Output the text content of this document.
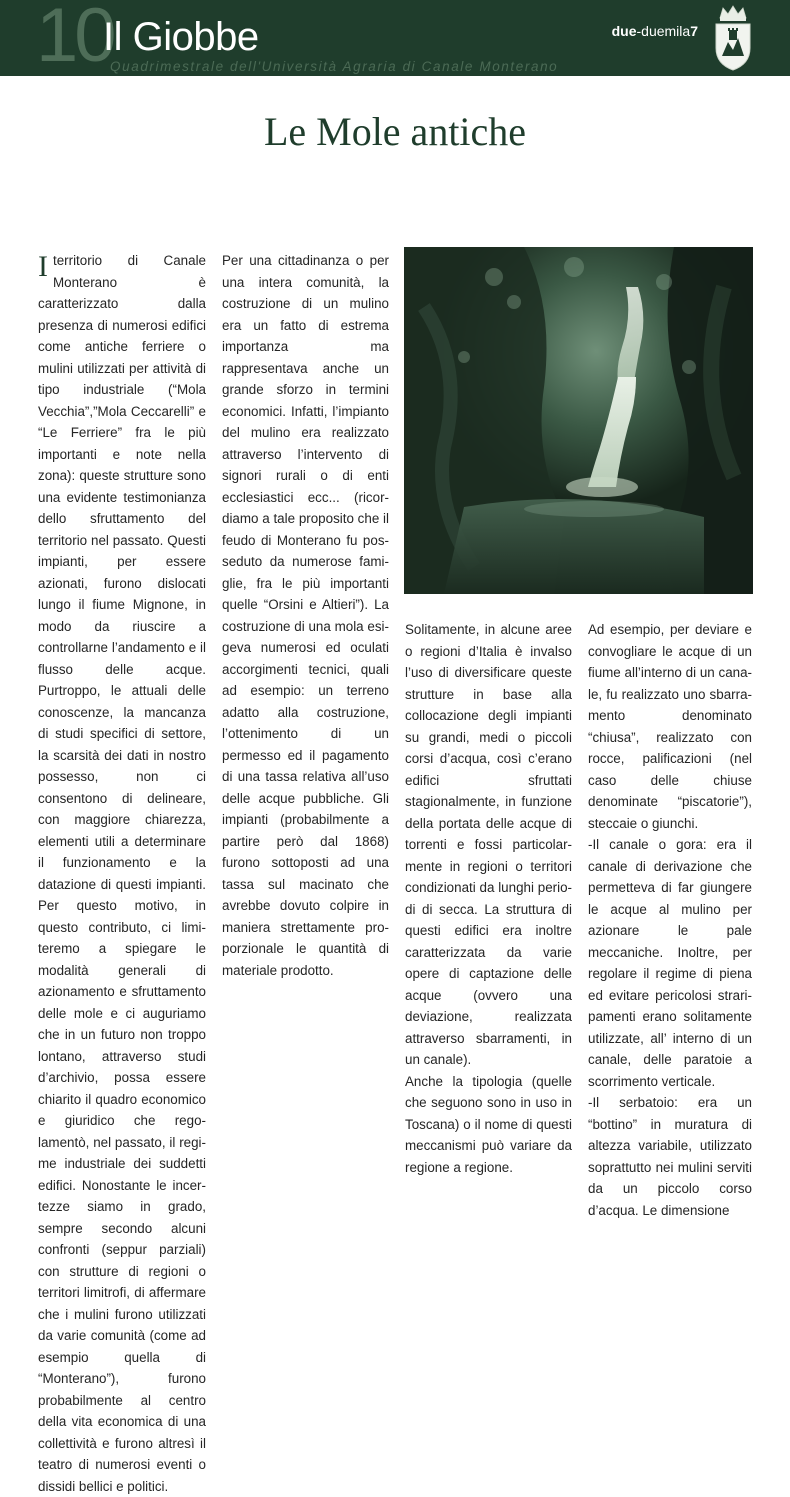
10
Il Giobbe
Quadrimestrale dell'Università Agraria di Canale Monterano
due-duemila7
Le Mole antiche

I territorio di Canale Monterano è caratterizzato dalla presenza di numerosi edifici come antiche ferriere o mulini utilizzati per attività di tipo industriale (“Mola Vecchia”,”Mola Ceccarelli” e “Le Ferriere” fra le più importanti e note nella zona): queste strutture sono una evidente testimonianza dello sfruttamento del territorio nel passato. Questi impianti, per essere azionati, furono dislocati lungo il fiume Mignone, in modo da riuscire a controllarne l’andamento e il flusso delle acque. Purtroppo, le attuali delle conoscenze, la mancanza di studi specifici di settore, la scarsità dei dati in nostro possesso, non ci consentono di delineare, con maggiore chiarezza, elementi utili a determinare il funzionamento e la datazione di questi impianti. Per questo motivo, in questo contributo, ci limiteremo a spiegare le modalità generali di azionamento e sfruttamento delle mole e ci auguriamo che in un futuro non troppo lontano, attraverso studi d’archivio, possa essere chiarito il quadro economico e giuridico che regolamentò, nel passato, il regime industriale dei suddetti edifici. Nonostante le incertezze siamo in grado, sempre secondo alcuni confronti (seppur parziali) con strutture di regioni o territori limitrofi, di affermare che i mulini furono utilizzati da varie comunità (come ad esempio quella di “Monterano”), furono probabilmente al centro della vita economica di una collettività e furono altresì il teatro di numerosi eventi o dissidi bellici e politici.

Per una cittadinanza o per una intera comunità, la costruzione di un mulino era un fatto di estrema importanza ma rappresentava anche un grande sforzo in termini economici. Infatti, l’impianto del mulino era realizzato attraverso l’intervento di signori rurali o di enti ecclesiastici ecc... (ricordiamo a tale proposito che il feudo di Monterano fu posseduto da numerose famiglie, fra le più importanti quelle “Orsini e Altieri”). La costruzione di una mola esigeva numerosi ed oculati accorgimenti tecnici, quali ad esempio: un terreno adatto alla costruzione, l’ottenimento di un permesso ed il pagamento di una tassa relativa all’uso delle acque pubbliche. Gli impianti (probabilmente a partire però dal 1868) furono sottoposti ad una tassa sul macinato che avrebbe dovuto colpire in maniera strettamente proporzionale le quantità di materiale prodotto.

Solitamente, in alcune aree o regioni d’Italia è invalso l’uso di diversificare queste strutture in base alla collocazione degli impianti su grandi, medi o piccoli corsi d’acqua, così c’erano edifici sfruttati stagionalmente, in funzione della portata delle acque di torrenti e fossi particolarmente in regioni o territori condizionati da lunghi periodi di secca. La struttura di questi edifici era inoltre caratterizzata da varie opere di captazione delle acque (ovvero una deviazione, realizzata attraverso sbarramenti, in un canale).

Anche la tipologia (quelle che seguono sono in uso in Toscana) o il nome di questi meccanismi può variare da regione a regione.

Ad esempio, per deviare e convogliare le acque di un fiume all’interno di un canale, fu realizzato uno sbarramento denominato “chiusa”, realizzato con rocce, palificazioni (nel caso delle chiuse denominate “piscatorie”), steccaie o giunchi.

-Il canale o gora: era il canale di derivazione che permetteva di far giungere le acque al mulino per azionare le pale meccaniche. Inoltre, per regolare il regime di piena ed evitare pericolosi straripamenti erano solitamente utilizzate, all’ interno di un canale, delle paratoie a scorrimento verticale.

-Il serbatoio: era un “bottino” in muratura di altezza variabile, utilizzato soprattutto nei mulini serviti da un piccolo corso d’acqua. Le dimensione
